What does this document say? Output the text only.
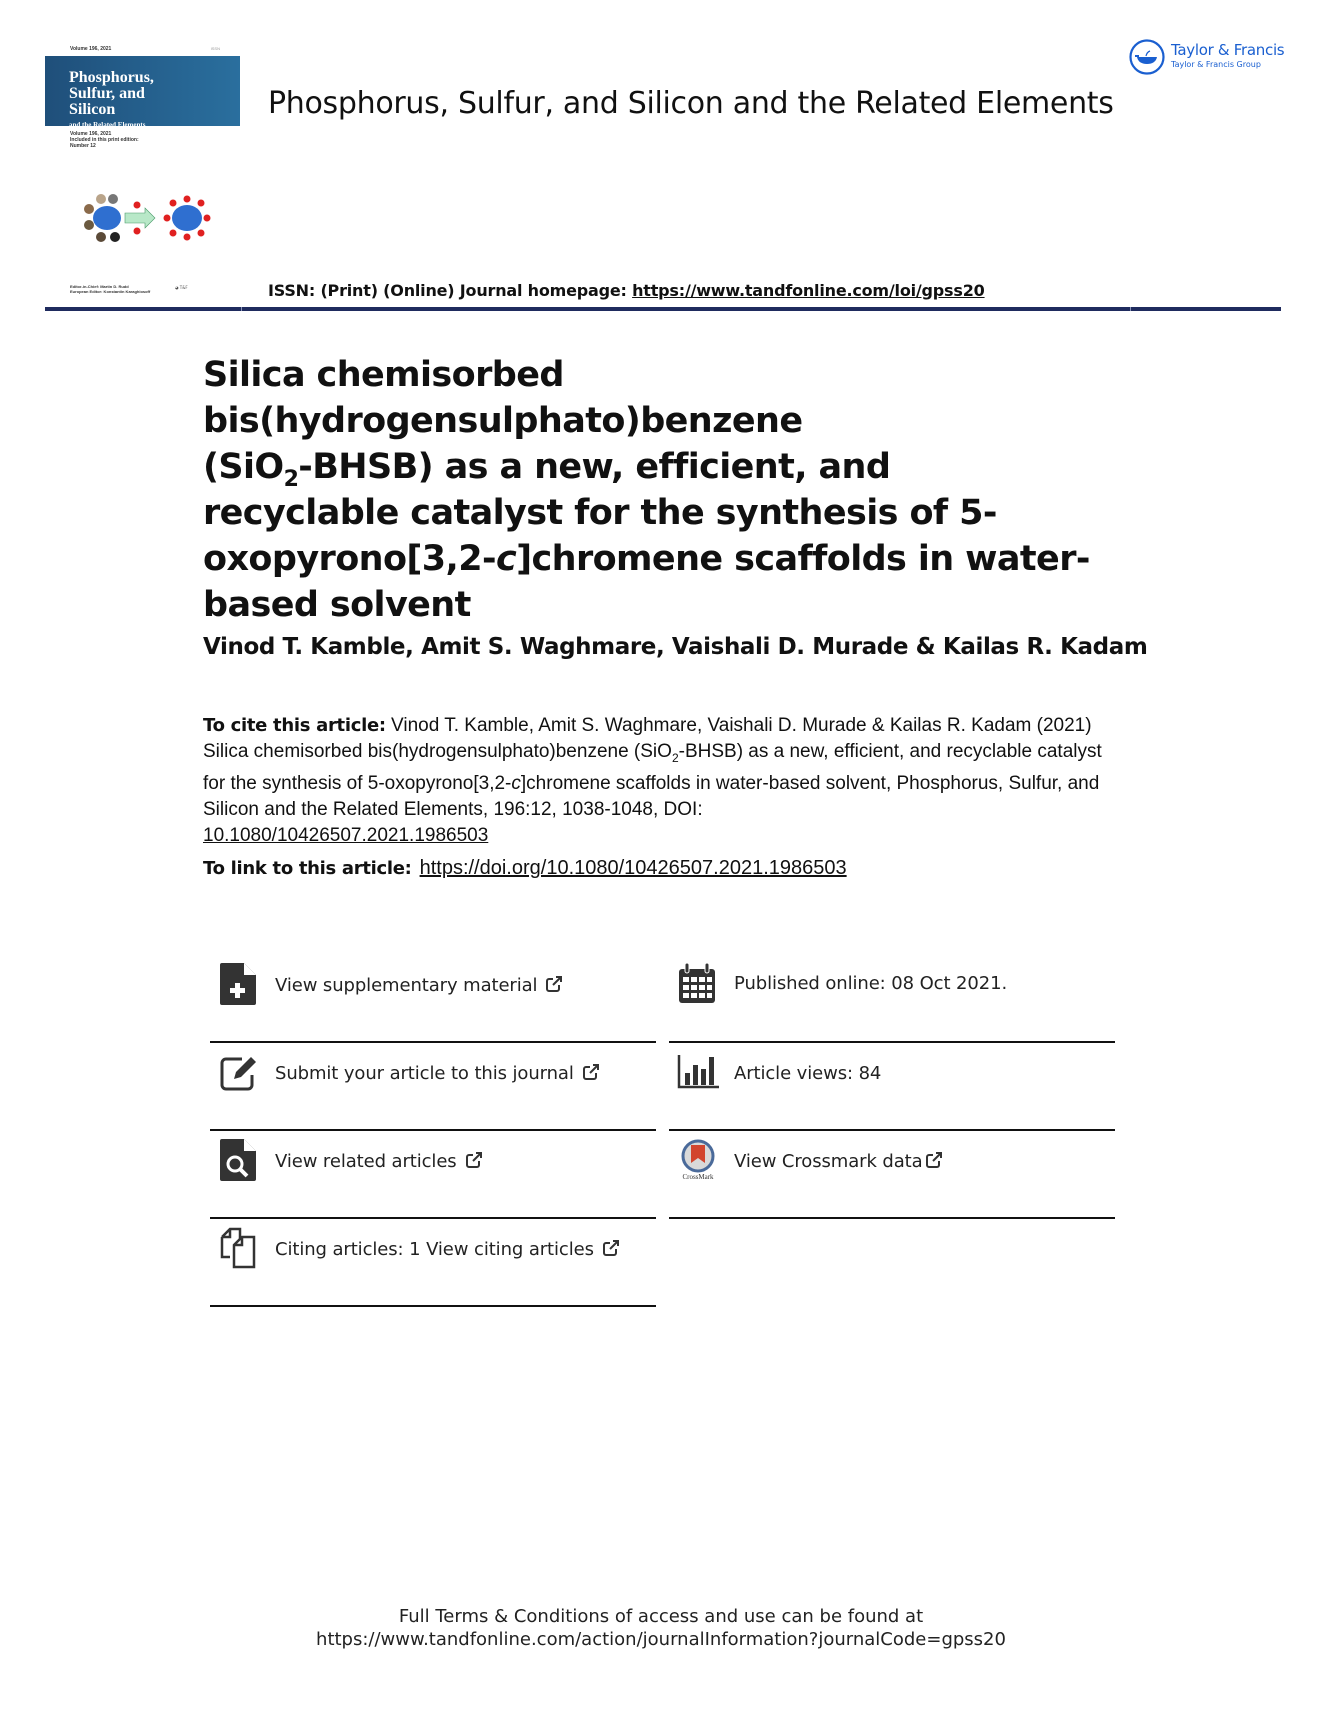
Volume 196, 2021	ISSN
Phosphorus,
Sulfur, and
Silicon
and the Related Elements
Volume 196, 2021
Included in this print edition:
Number 12
Editor-in-Chief: Martin D. Rudd
European Editor: Konstantin Karaghiosoff
◕ T&F
Phosphorus, Sulfur, and Silicon and the Related Elements
Taylor & Francis
Taylor & Francis Group
ISSN: (Print) (Online) Journal homepage: https://www.tandfonline.com/loi/gpss20
Silica chemisorbed bis(hydrogensulphato)benzene
(SiO$_2$-BHSB) as a new, efficient, and
recyclable catalyst for the synthesis of 5-
oxopyrono[3,2-c]chromene scaffolds in water-
based solvent
Vinod T. Kamble, Amit S. Waghmare, Vaishali D. Murade & Kailas R. Kadam
To cite this article: Vinod T. Kamble, Amit S. Waghmare, Vaishali D. Murade & Kailas R. Kadam (2021) Silica chemisorbed bis(hydrogensulphato)benzene (SiO$_2$-BHSB) as a new, efficient, and recyclable catalyst for the synthesis of 5-oxopyrono[3,2-c]chromene scaffolds in water-based solvent, Phosphorus, Sulfur, and Silicon and the Related Elements, 196:12, 1038-1048, DOI:
10.1080/10426507.2021.1986503
To link to this article: https://doi.org/10.1080/10426507.2021.1986503
View supplementary material
Submit your article to this journal
View related articles
Citing articles: 1 View citing articles
Published online: 08 Oct 2021.
Article views: 84
CrossMark
View Crossmark data
Full Terms & Conditions of access and use can be found at
https://www.tandfonline.com/action/journalInformation?journalCode=gpss20
